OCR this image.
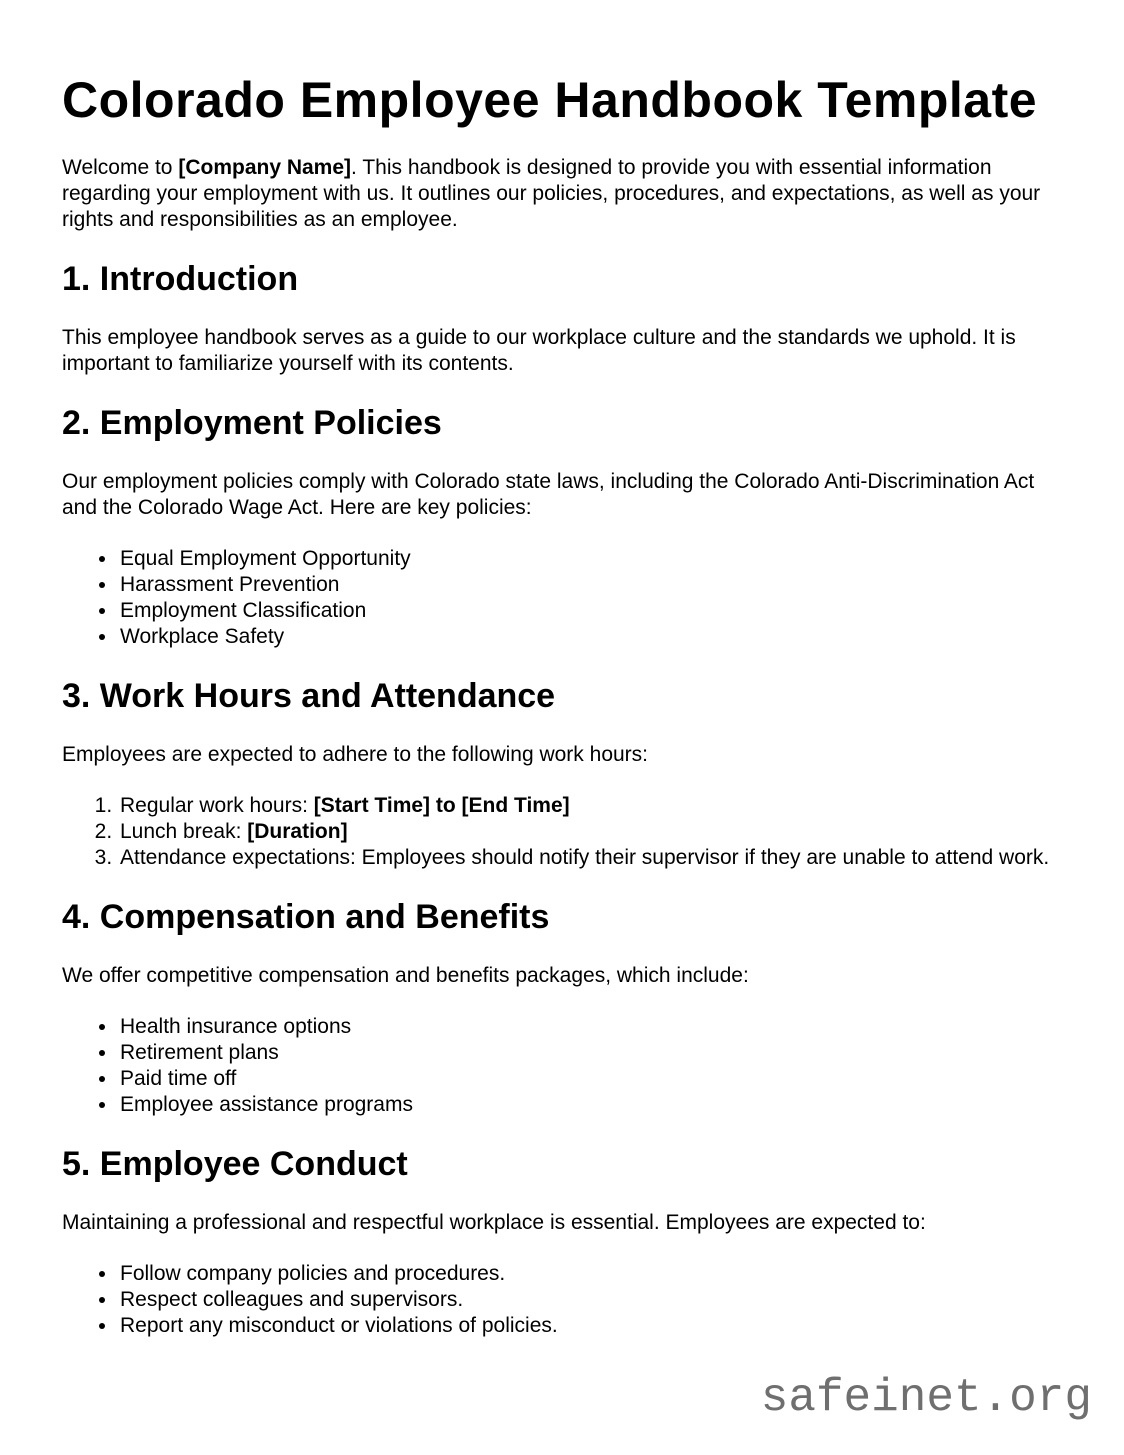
Colorado Employee Handbook Template

Welcome to [Company Name]. This handbook is designed to provide you with essential information regarding your employment with us. It outlines our policies, procedures, and expectations, as well as your rights and responsibilities as an employee.

1. Introduction

This employee handbook serves as a guide to our workplace culture and the standards we uphold. It is important to familiarize yourself with its contents.

2. Employment Policies

Our employment policies comply with Colorado state laws, including the Colorado Anti-Discrimination Act and the Colorado Wage Act. Here are key policies:

• Equal Employment Opportunity
• Harassment Prevention
• Employment Classification
• Workplace Safety
3. Work Hours and Attendance

Employees are expected to adhere to the following work hours:

1. Regular work hours: [Start Time] to [End Time]
2. Lunch break: [Duration]
3. Attendance expectations: Employees should notify their supervisor if they are unable to attend work.
4. Compensation and Benefits

We offer competitive compensation and benefits packages, which include:

• Health insurance options
• Retirement plans
• Paid time off
• Employee assistance programs
5. Employee Conduct

Maintaining a professional and respectful workplace is essential. Employees are expected to:

• Follow company policies and procedures.
• Respect colleagues and supervisors.
• Report any misconduct or violations of policies.
safeinet.org
